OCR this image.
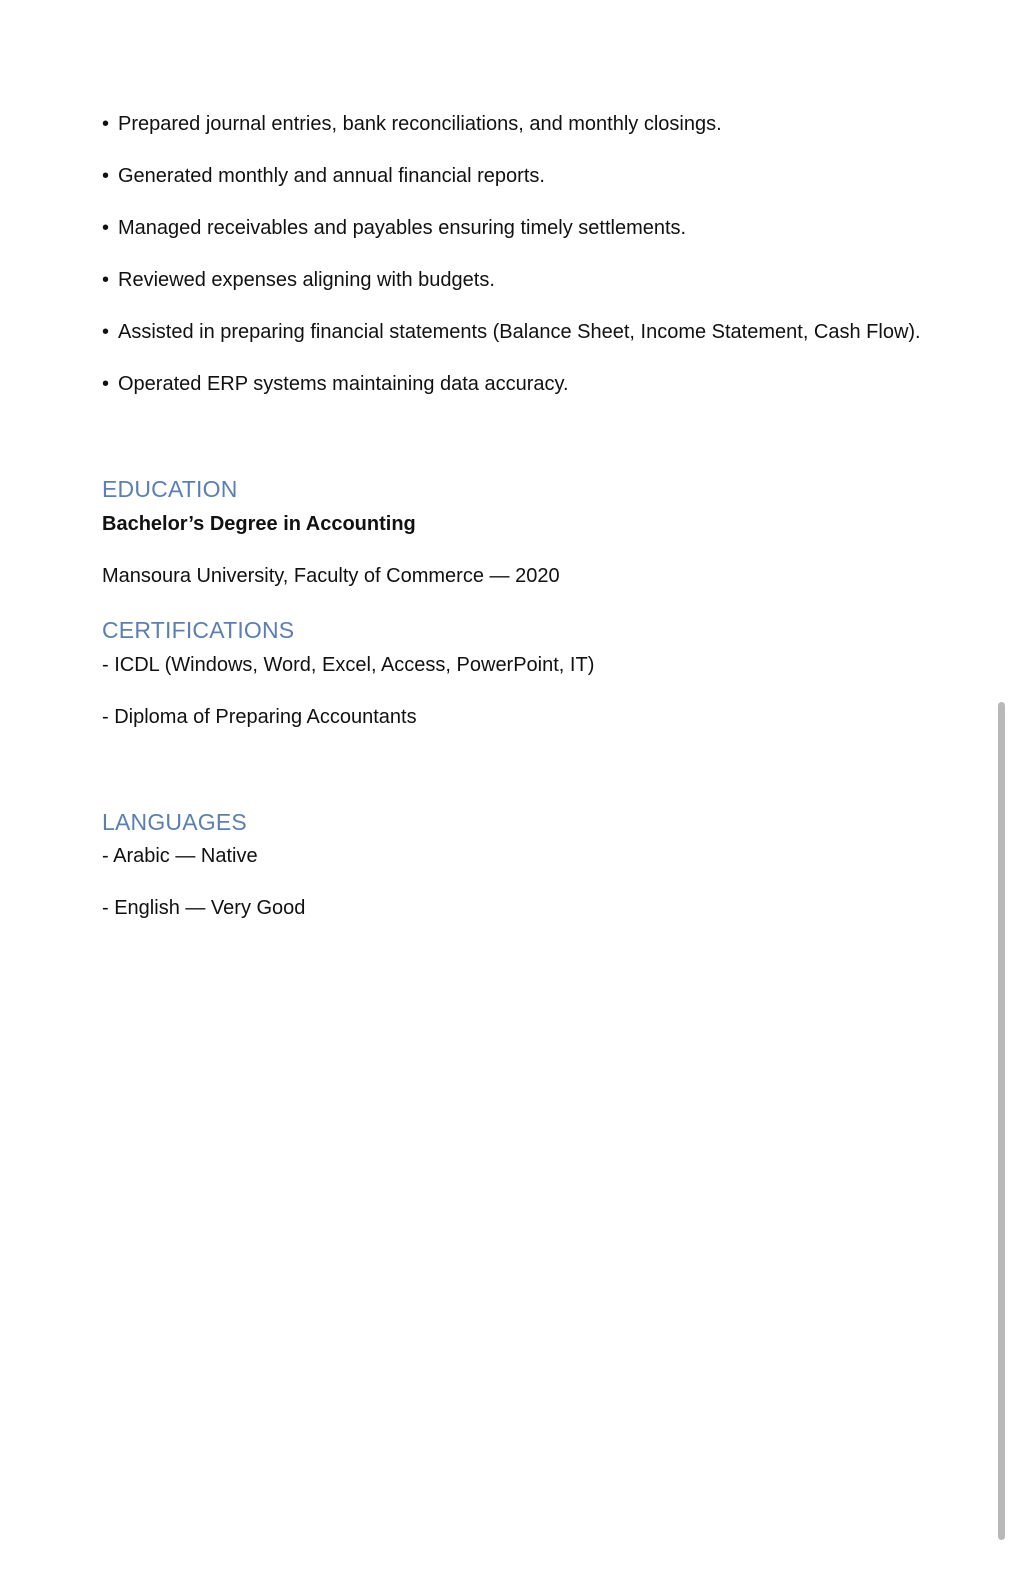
• Prepared journal entries, bank reconciliations, and monthly closings.
• Generated monthly and annual financial reports.
• Managed receivables and payables ensuring timely settlements.
• Reviewed expenses aligning with budgets.
• Assisted in preparing financial statements (Balance Sheet, Income Statement, Cash Flow).
• Operated ERP systems maintaining data accuracy.
EDUCATION

Bachelor’s Degree in Accounting

Mansoura University, Faculty of Commerce — 2020

CERTIFICATIONS

- ICDL (Windows, Word, Excel, Access, PowerPoint, IT)

- Diploma of Preparing Accountants

LANGUAGES

- Arabic — Native

- English — Very Good
